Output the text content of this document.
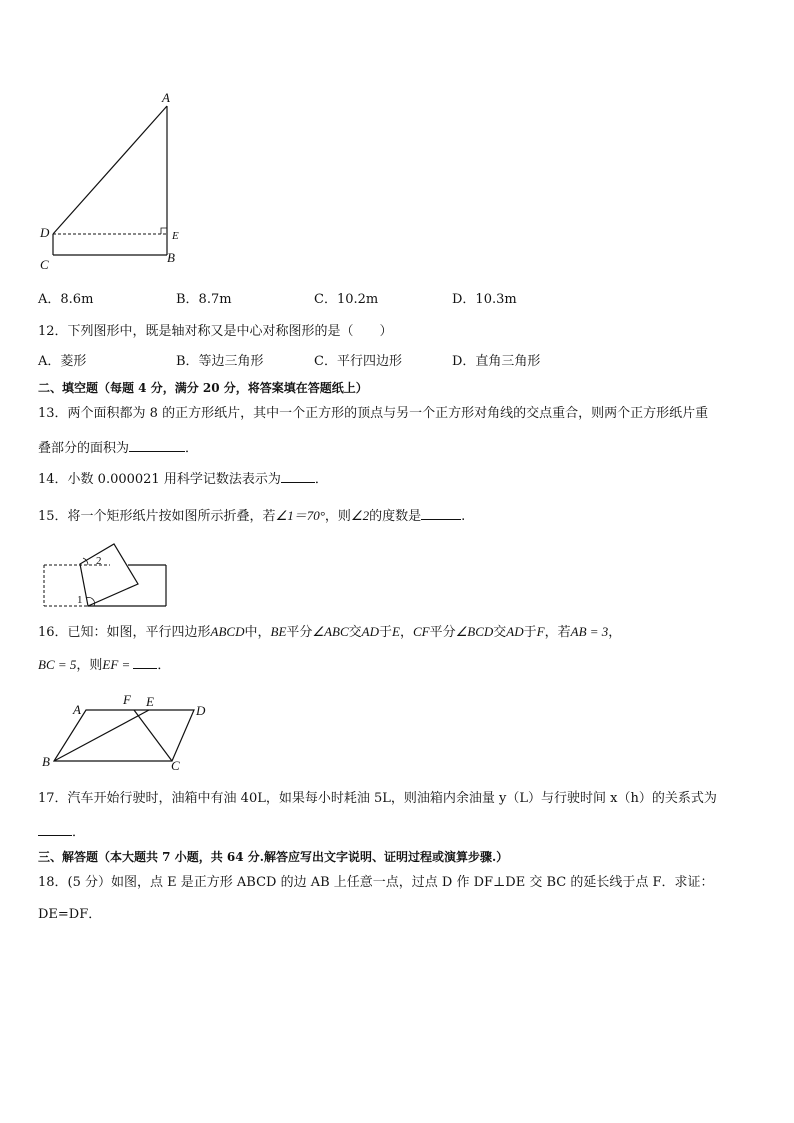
A
D	E
C	B
A．8.6m	B．8.7m	C．10.2m	D．10.3m
12．下列图形中，既是轴对称又是中心对称图形的是（　　）
A．菱形	B．等边三角形	C．平行四边形	D．直角三角形
二、填空题（每题 4 分，满分 20 分，将答案填在答题纸上）
13．两个面积都为 8 的正方形纸片，其中一个正方形的顶点与另一个正方形对角线的交点重合，则两个正方形纸片重
叠部分的面积为	．
14．小数 0.000021 用科学记数法表示为	．
15．将一个矩形纸片按如图所示折叠，若∠1＝70°，则∠2的度数是	.
1
2
16．已知：如图，平行四边形ABCD中，BE平分∠ABC交AD于E，CF平分∠BCD交AD于F，若AB = 3，
BC = 5，则EF = ．
A
F E
D
B	C
17．汽车开始行驶时，油箱中有油 40L，如果每小时耗油 5L，则油箱内余油量 y（L）与行驶时间 x（h）的关系式为
．
三、解答题（本大题共 7 小题，共 64 分.解答应写出文字说明、证明过程或演算步骤.）
18．(5 分）如图，点 E 是正方形 ABCD 的边 AB 上任意一点，过点 D 作 DF⊥DE 交 BC 的延长线于点 F．求证：
DE=DF．
